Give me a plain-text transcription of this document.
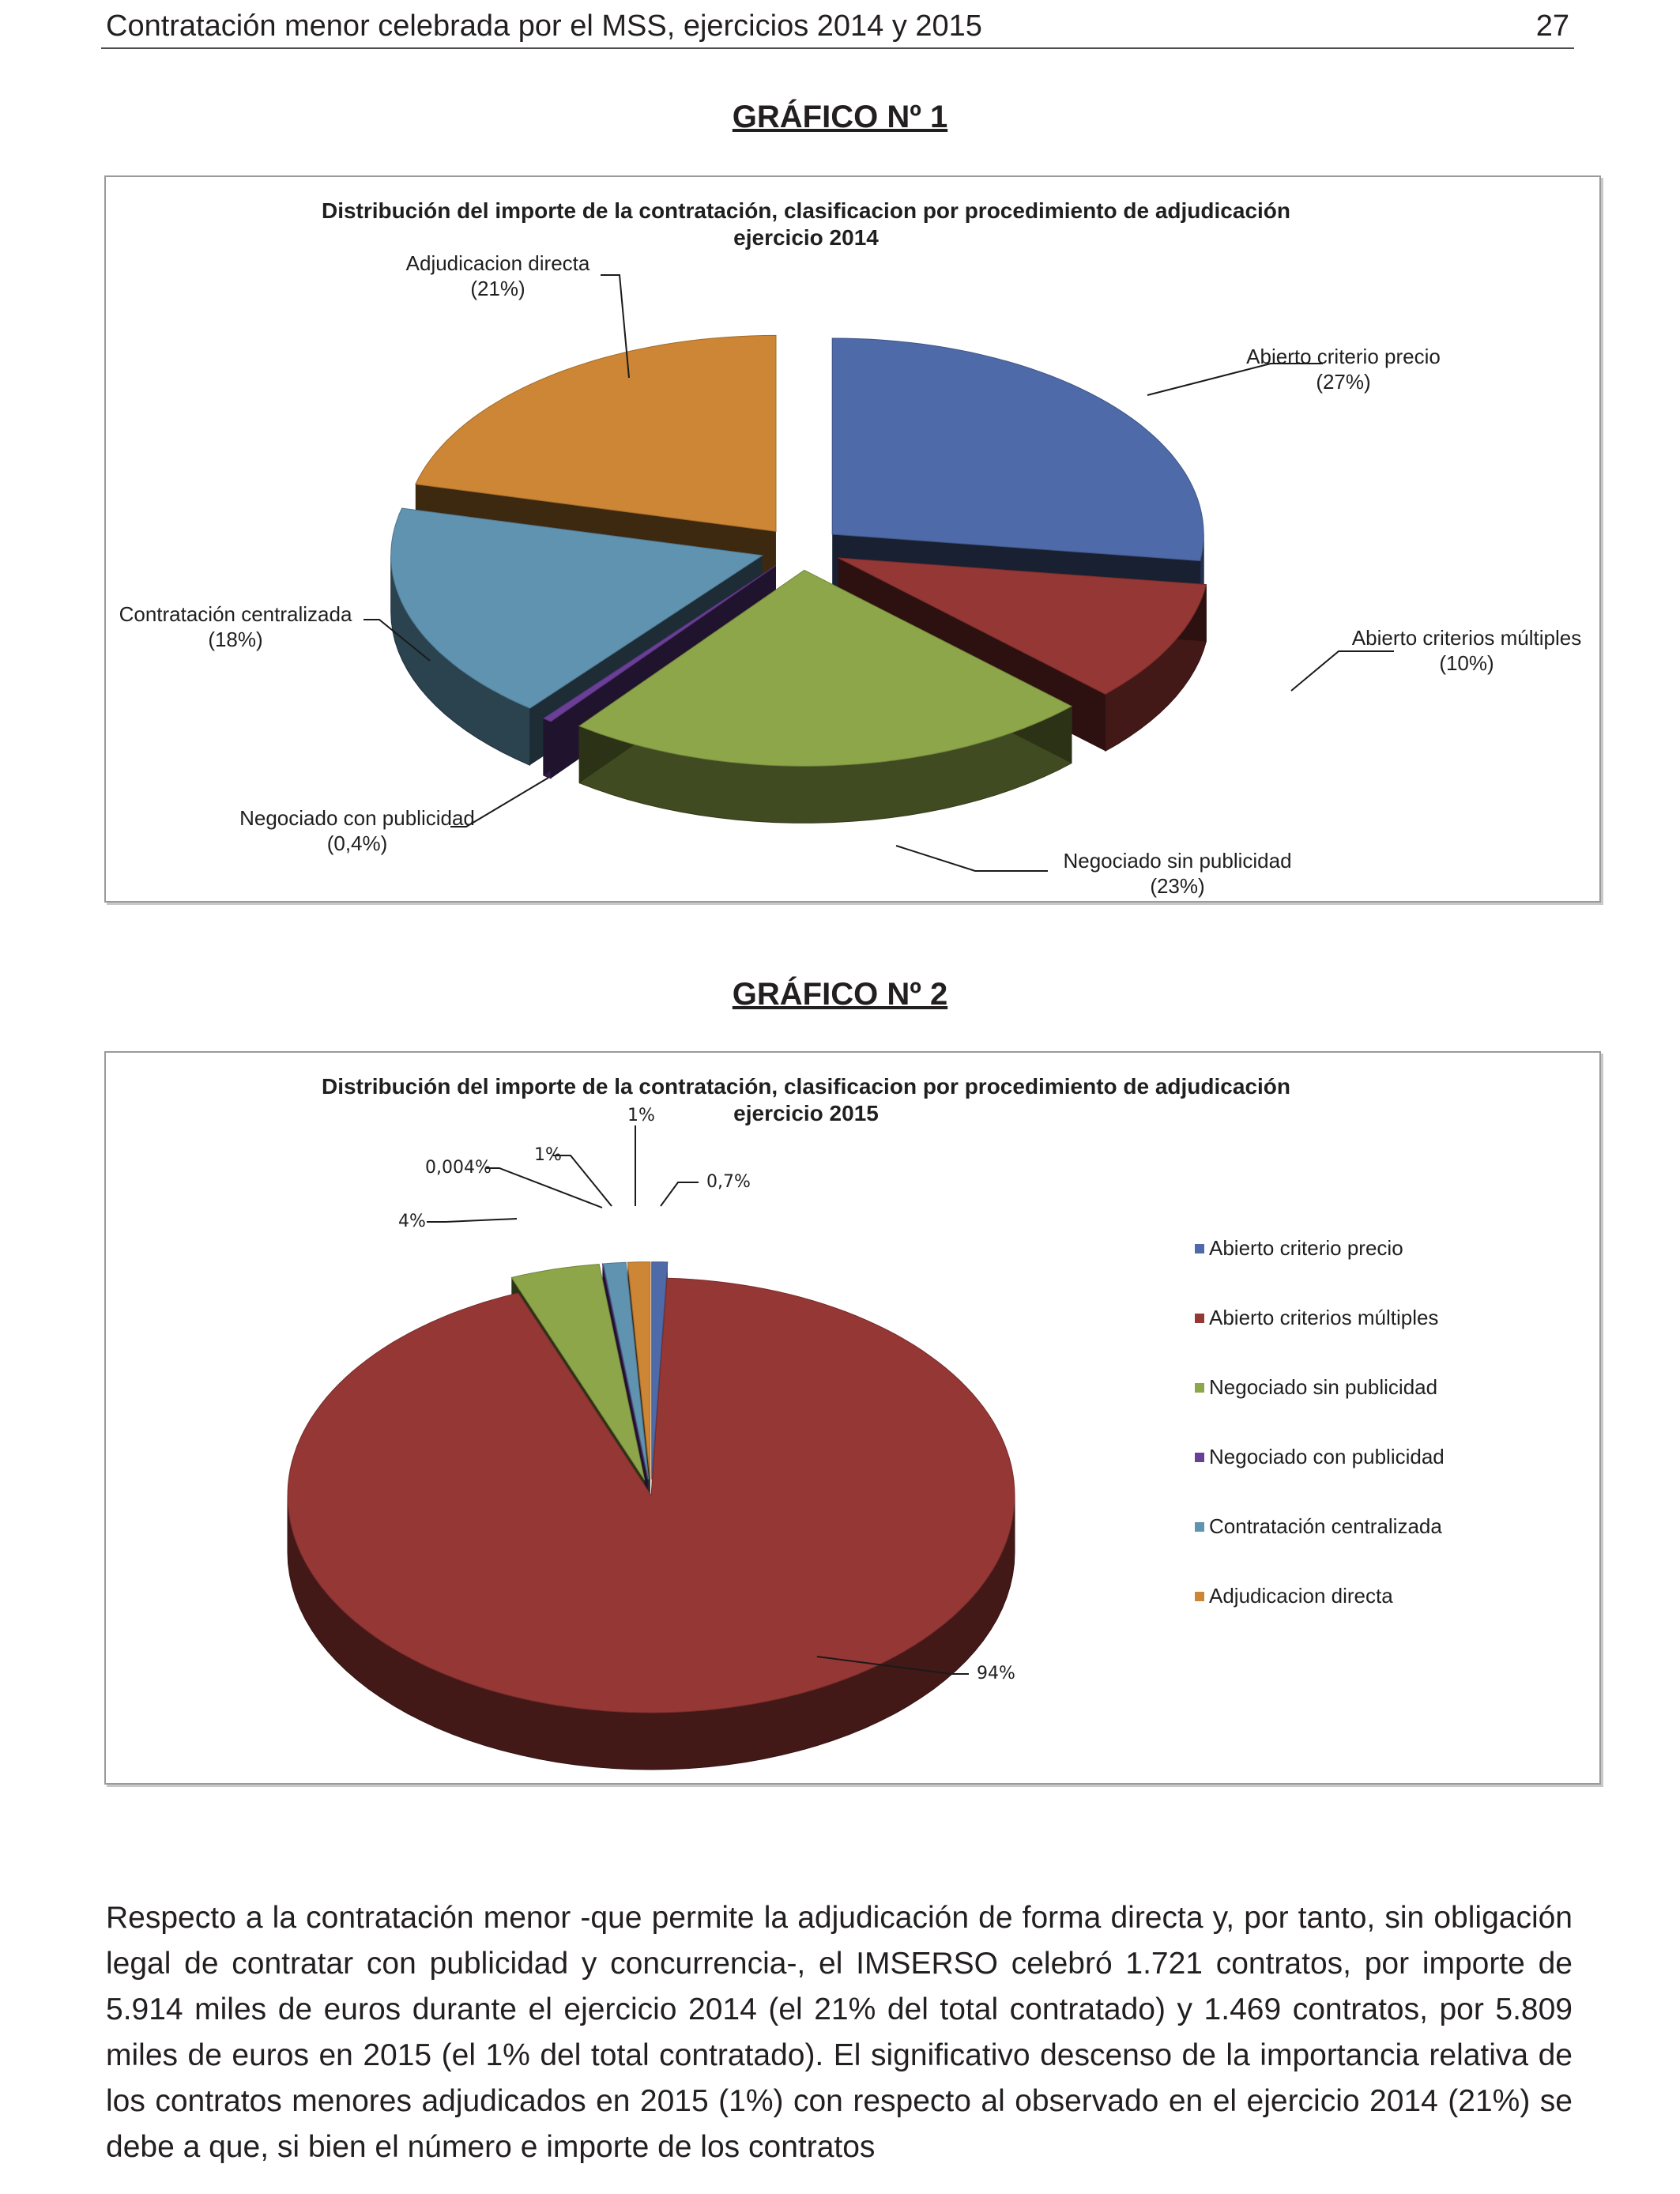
Contratación menor celebrada por el MSS, ejercicios 2014 y 2015	27
GRÁFICO Nº 1
Distribución del importe de la contratación, clasificacion por procedimiento de adjudicación
ejercicio 2014
Abierto criterio precio
(27%)
Abierto criterios múltiples
(10%)
Negociado sin publicidad
(23%)
Negociado con publicidad
(0,4%)
Contratación centralizada
(18%)
Adjudicacion directa
(21%)
GRÁFICO Nº 2
Distribución del importe de la contratación, clasificacion por procedimiento de adjudicación
ejercicio 2015
0,7%
94%
4%
0,004%
1%
1%
Abierto criterio precio
Abierto criterios múltiples
Negociado sin publicidad
Negociado con publicidad
Contratación centralizada
Adjudicacion directa

Respecto a la contratación menor -que permite la adjudicación de forma directa y, por tanto, sin obligación legal de contratar con publicidad y concurrencia-, el IMSERSO celebró 1.721 contratos, por importe de 5.914 miles de euros durante el ejercicio 2014 (el 21% del total contratado) y 1.469 contratos, por 5.809 miles de euros en 2015 (el 1% del total contratado). El significativo descenso de la importancia relativa de los contratos menores adjudicados en 2015 (1%) con respecto al observado en el ejercicio 2014 (21%) se debe a que, si bien el número e importe de los contratos
